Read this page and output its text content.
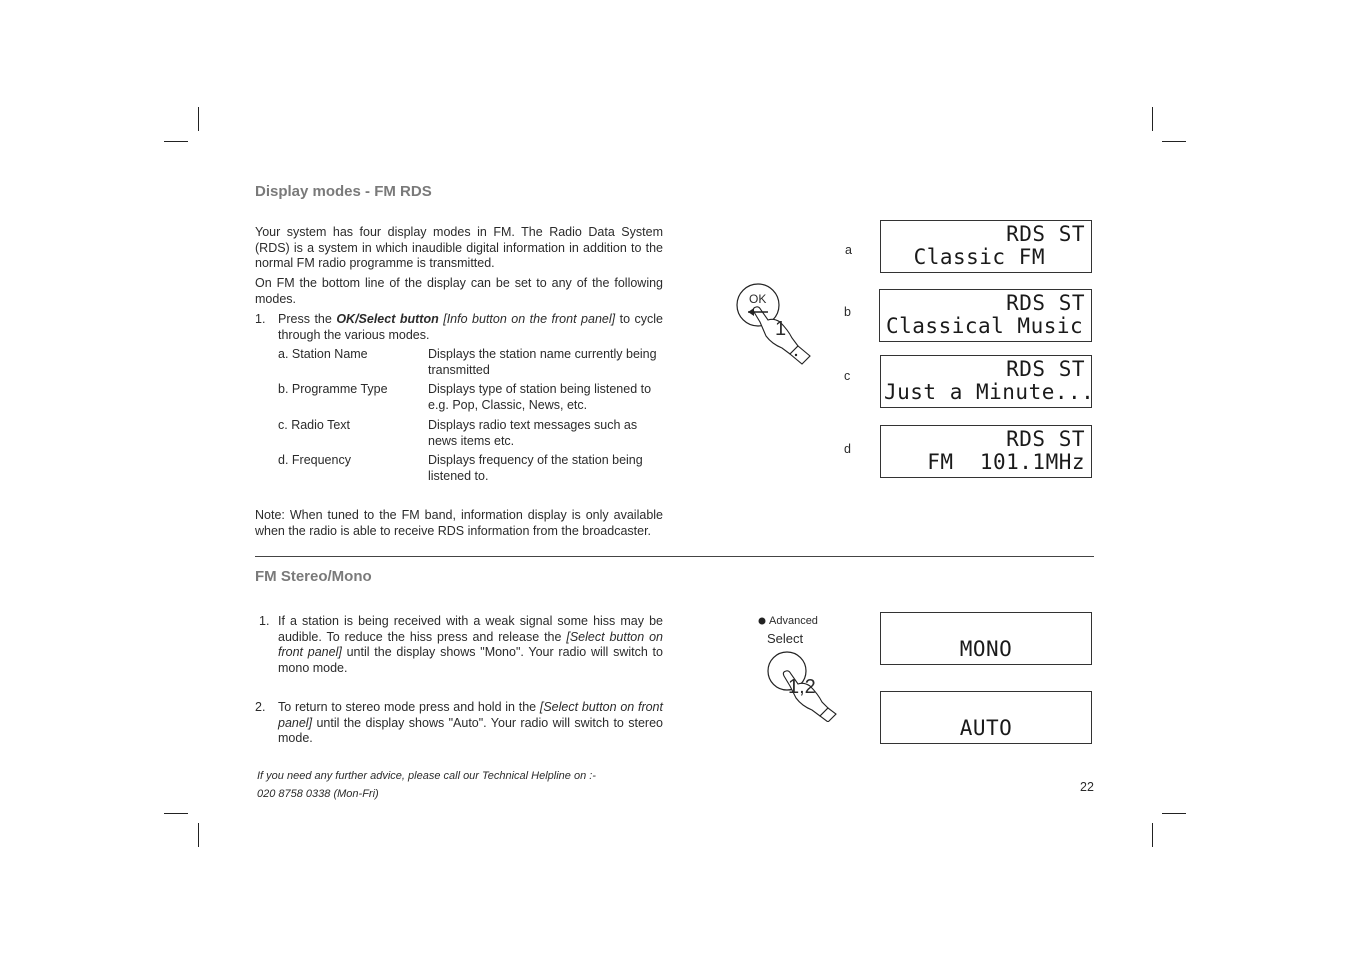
Display modes - FM RDS
Your system has four display modes in FM. The Radio Data System (RDS) is a system in which inaudible digital information in addition to the normal FM radio programme is transmitted.
On FM the bottom line of the display can be set to any of the following modes.
1. Press the OK/Select button [Info button on the front panel] to cycle through the various modes.
a. Station Name	Displays the station name currently being transmitted
b. Programme Type	Displays type of station being listened to e.g. Pop, Classic, News, etc.
c. Radio Text	Displays radio text messages such as news items etc.
d. Frequency	Displays frequency of the station being listened to.
Note: When tuned to the FM band, information display is only available when the radio is able to receive RDS information from the broadcaster.
OK
1
a
RDS ST
Classic FM
b	RDS ST
Classical Music
c	RDS ST
Just a Minute...
d	RDS ST
FM  101.1MHz
FM Stereo/Mono
1. If a station is being received with a weak signal some hiss may be audible. To reduce the hiss press and release the [Select button on front panel] until the display shows "Mono". Your radio will switch to mono mode.
2. To return to stereo mode press and hold in the [Select button on front panel] until the display shows "Auto". Your radio will switch to stereo mode.
Advanced
Select
1,2
MONO
AUTO
If you need any further advice, please call our Technical Helpline on :-
020 8758 0338 (Mon-Fri)	22
